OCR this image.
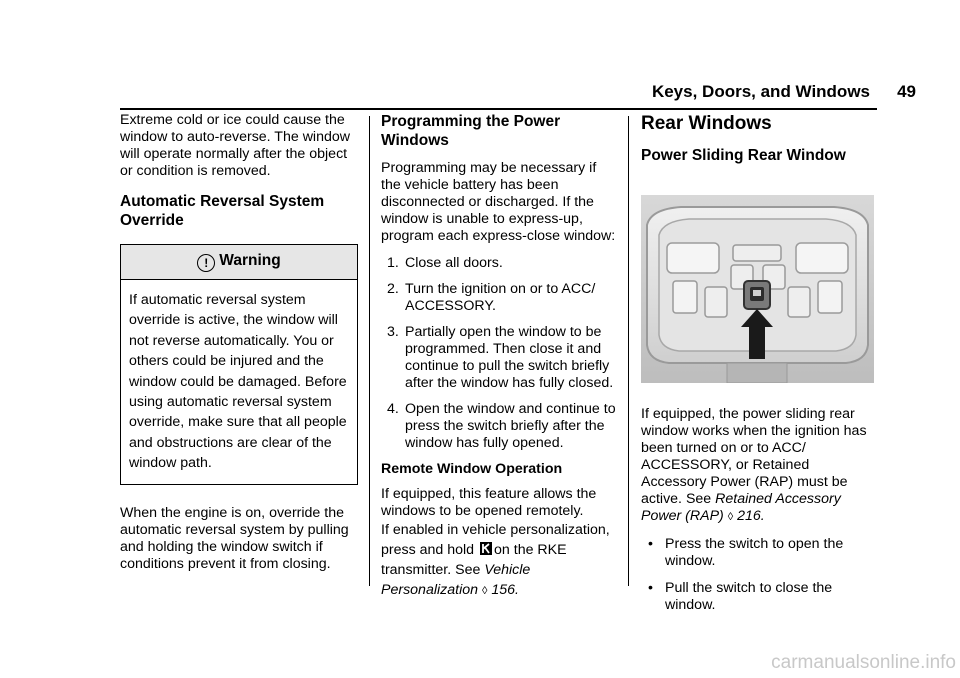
Keys, Doors, and Windows 49

Extreme cold or ice could cause the window to auto-reverse. The window will operate normally after the object or condition is removed.

Automatic Reversal System Override
! Warning
If automatic reversal system override is active, the window will not reverse automatically. You or others could be injured and the window could be damaged. Before using automatic reversal system override, make sure that all people and obstructions are clear of the window path.

When the engine is on, override the automatic reversal system by pulling and holding the window switch if conditions prevent it from closing.

Programming the Power Windows

Programming may be necessary if the vehicle battery has been disconnected or discharged. If the window is unable to express-up, program each express-close window:

1. Close all doors.
2. Turn the ignition on or to ACC/ ACCESSORY.
3. Partially open the window to be programmed. Then close it and continue to pull the switch briefly after the window has fully closed.
4. Open the window and continue to press the switch briefly after the window has fully opened.
Remote Window Operation

If equipped, this feature allows the windows to be opened remotely.

If enabled in vehicle personalization, press and hold on the RKE transmitter. See Vehicle Personalization ◊ 156.

Rear Windows
Power Sliding Rear Window

If equipped, the power sliding rear window works when the ignition has been turned on or to ACC/ ACCESSORY, or Retained Accessory Power (RAP) must be active. See Retained Accessory Power (RAP) ◊ 216.

• Press the switch to open the window.
• Pull the switch to close the window.
carmanualsonline.info
